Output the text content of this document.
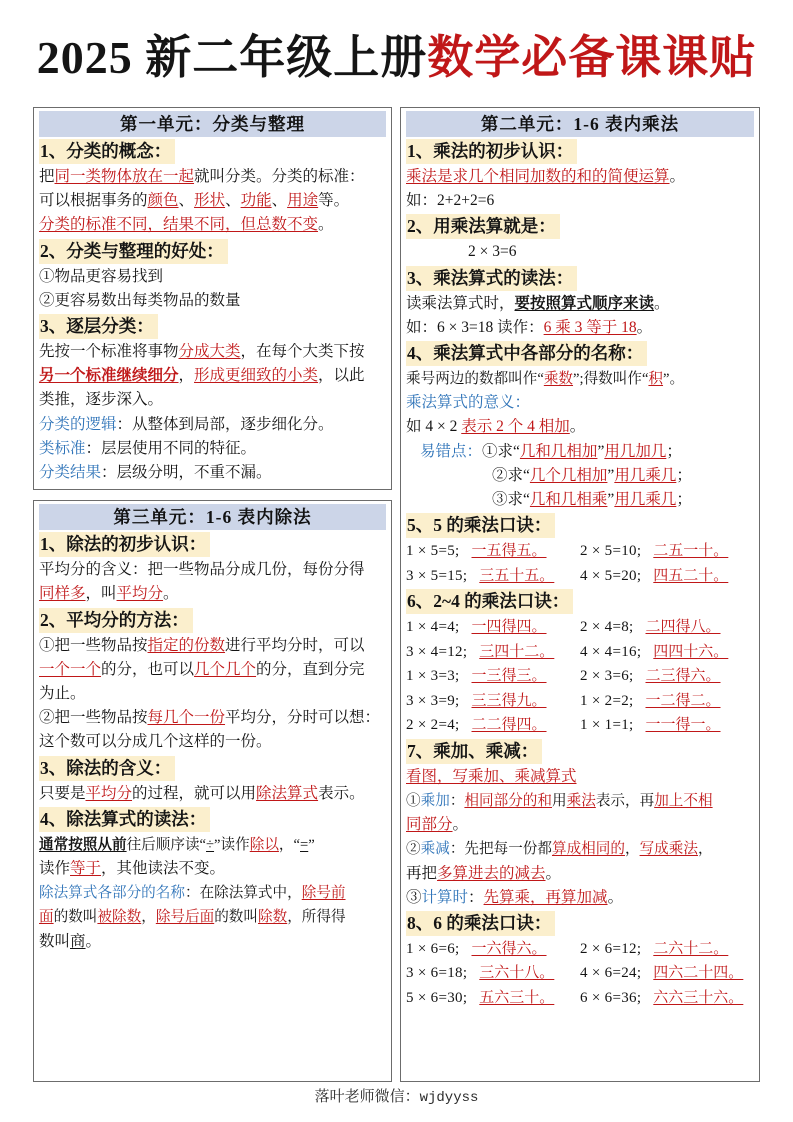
2025 新二年级上册数学必备课课贴
第一单元：分类与整理
1、分类的概念：
把同一类物体放在一起就叫分类。分类的标准：
可以根据事务的颜色、形状、功能、用途等。
分类的标准不同，结果不同，但总数不变。
2、分类与整理的好处：
①物品更容易找到
②更容易数出每类物品的数量
3、逐层分类：
先按一个标准将事物分成大类，在每个大类下按
另一个标准继续细分，形成更细致的小类，以此
类推，逐步深入。
分类的逻辑：从整体到局部，逐步细化分。
类标准：层层使用不同的特征。
分类结果：层级分明，不重不漏。
第三单元：1-6 表内除法
1、除法的初步认识：
平均分的含义：把一些物品分成几份，每份分得
同样多，叫平均分。
2、平均分的方法：
①把一些物品按指定的份数进行平均分时，可以
一个一个的分，也可以几个几个的分，直到分完
为止。
②把一些物品按每几个一份平均分，分时可以想：
这个数可以分成几个这样的一份。
3、除法的含义：
只要是平均分的过程，就可以用除法算式表示。
4、除法算式的读法：
通常按照从前往后顺序读“÷”读作除以，“=”
读作等于，其他读法不变。
除法算式各部分的名称：在除法算式中，除号前
面的数叫被除数，除号后面的数叫除数，所得得
数叫商。
第二单元：1-6 表内乘法
1、乘法的初步认识：
乘法是求几个相同加数的和的简便运算。
如：2+2+2=6
2、用乘法算就是：
2 × 3=6
3、乘法算式的读法：
读乘法算式时，要按照算式顺序来读。
如：6 × 3=18 读作：6 乘 3 等于 18。
4、乘法算式中各部分的名称：
乘号两边的数都叫作“乘数”;得数叫作“积”。
乘法算式的意义：
如 4 × 2 表示 2 个 4 相加。
易错点：①求“几和几相加”用几加几；
②求“几个几相加”用几乘几；
③求“几和几相乘”用几乘几；
5、5 的乘法口诀：
1 × 5=5; 一五得五。	2 × 5=10; 二五一十。
3 × 5=15; 三五十五。	4 × 5=20; 四五二十。
6、2~4 的乘法口诀：
1 × 4=4; 一四得四。	2 × 4=8; 二四得八。
3 × 4=12; 三四十二。	4 × 4=16; 四四十六。
1 × 3=3; 一三得三。	2 × 3=6; 二三得六。
3 × 3=9; 三三得九。	1 × 2=2; 一二得二。
2 × 2=4; 二二得四。	1 × 1=1; 一一得一。
7、乘加、乘减：
看图，写乘加、乘减算式
①乘加：相同部分的和用乘法表示，再加上不相
同部分。
②乘减：先把每一份都算成相同的，写成乘法，
再把多算进去的减去。
③计算时：先算乘，再算加减。
8、6 的乘法口诀：
1 × 6=6; 一六得六。	2 × 6=12; 二六十二。
3 × 6=18; 三六十八。	4 × 6=24; 四六二十四。
5 × 6=30; 五六三十。	6 × 6=36; 六六三十六。
落叶老师微信：wjdyyss
